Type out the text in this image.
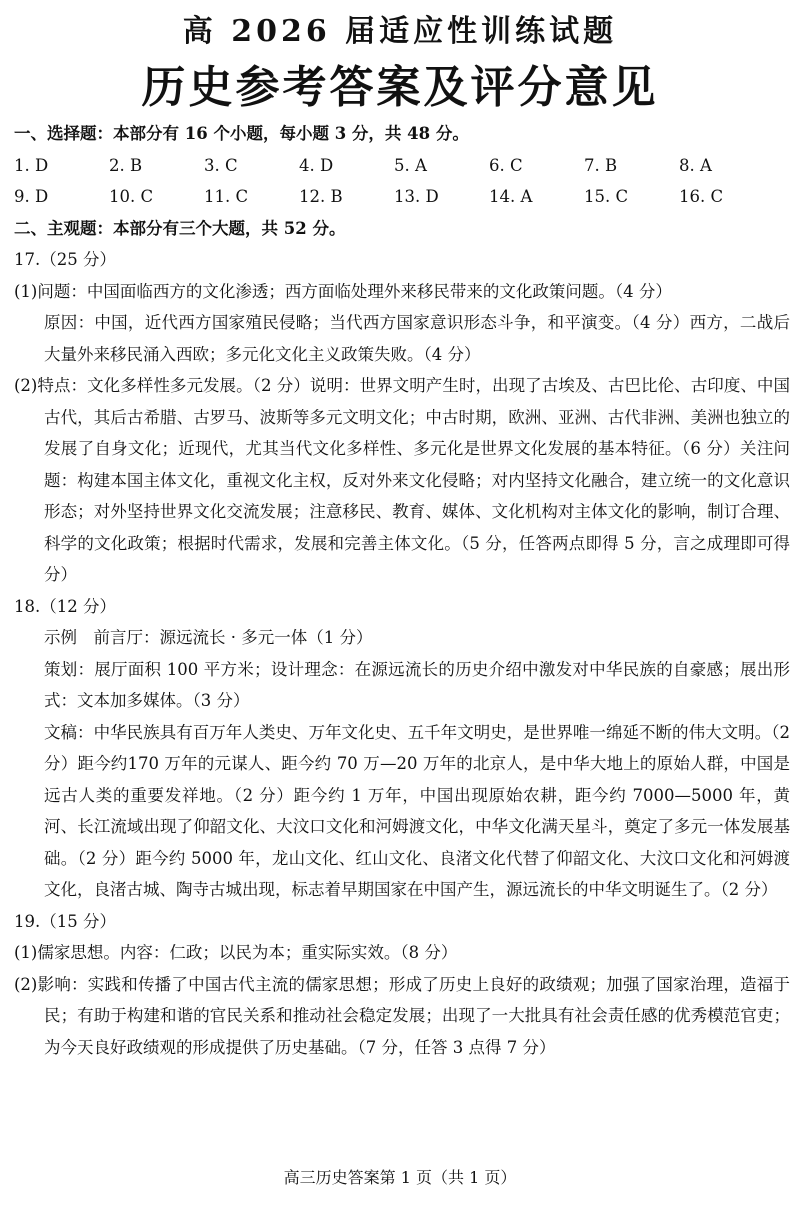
高 2026 届适应性训练试题
历史参考答案及评分意见

一、选择题：本部分有 16 个小题，每小题 3 分，共 48 分。

1. D	2. B	3. C	4. D	5. A	6. C	7. B	8. A
9. D	10. C	11. C	12. B	13. D	14. A	15. C	16. C

二、主观题：本部分有三个大题，共 52 分。

17.（25 分）

(1)问题：中国面临西方的文化渗透；西方面临处理外来移民带来的文化政策问题。（4 分）

原因：中国，近代西方国家殖民侵略；当代西方国家意识形态斗争，和平演变。（4 分）西方，二战后大量外来移民涌入西欧；多元化文化主义政策失败。（4 分）

(2)特点：文化多样性多元发展。（2 分）说明：世界文明产生时，出现了古埃及、古巴比伦、古印度、中国古代，其后古希腊、古罗马、波斯等多元文明文化；中古时期，欧洲、亚洲、古代非洲、美洲也独立的发展了自身文化；近现代，尤其当代文化多样性、多元化是世界文化发展的基本特征。（6 分）关注问题：构建本国主体文化，重视文化主权，反对外来文化侵略；对内坚持文化融合，建立统一的文化意识形态；对外坚持世界文化交流发展；注意移民、教育、媒体、文化机构对主体文化的影响，制订合理、科学的文化政策；根据时代需求，发展和完善主体文化。（5 分，任答两点即得 5 分，言之成理即可得分）

18.（12 分）

示例　前言厅：源远流长 · 多元一体（1 分）

策划：展厅面积 100 平方米；设计理念：在源远流长的历史介绍中激发对中华民族的自豪感；展出形式：文本加多媒体。（3 分）

文稿：中华民族具有百万年人类史、万年文化史、五千年文明史，是世界唯一绵延不断的伟大文明。（2 分）距今约170 万年的元谋人、距今约 70 万—20 万年的北京人，是中华大地上的原始人群，中国是远古人类的重要发祥地。（2 分）距今约 1 万年，中国出现原始农耕，距今约 7000—5000 年，黄河、长江流域出现了仰韶文化、大汶口文化和河姆渡文化，中华文化满天星斗，奠定了多元一体发展基础。（2 分）距今约 5000 年，龙山文化、红山文化、良渚文化代替了仰韶文化、大汶口文化和河姆渡文化，良渚古城、陶寺古城出现，标志着早期国家在中国产生，源远流长的中华文明诞生了。（2 分）

19.（15 分）

(1)儒家思想。内容：仁政；以民为本；重实际实效。（8 分）

(2)影响：实践和传播了中国古代主流的儒家思想；形成了历史上良好的政绩观；加强了国家治理，造福于民；有助于构建和谐的官民关系和推动社会稳定发展；出现了一大批具有社会责任感的优秀模范官吏；为今天良好政绩观的形成提供了历史基础。（7 分，任答 3 点得 7 分）

高三历史答案第 1 页（共 1 页）
